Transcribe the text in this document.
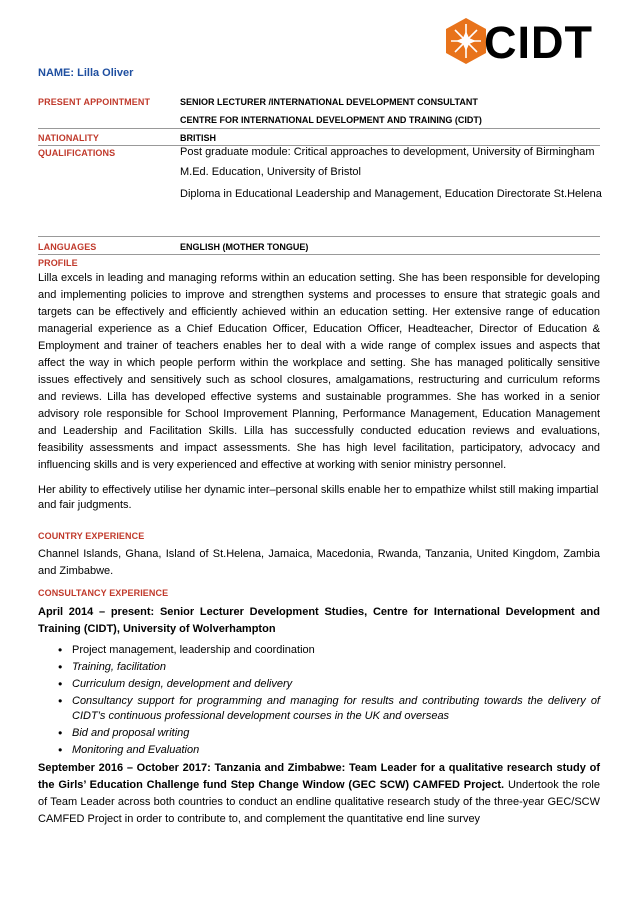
CIDT
NAME: Lilla Oliver
PRESENT APPOINTMENT	SENIOR LECTURER /INTERNATIONAL DEVELOPMENT CONSULTANT
CENTRE FOR INTERNATIONAL DEVELOPMENT AND TRAINING (CIDT)
NATIONALITY	BRITISH
QUALIFICATIONS	Post graduate module: Critical approaches to development, University of Birmingham
M.Ed. Education, University of Bristol
Diploma in Educational Leadership and Management, Education Directorate St.Helena
LANGUAGES	ENGLISH (MOTHER TONGUE)
PROFILE
Lilla excels in leading and managing reforms within an education setting. She has been responsible for developing and implementing policies to improve and strengthen systems and processes to ensure that strategic goals and targets can be effectively and efficiently achieved within an education setting. Her extensive range of education managerial experience as a Chief Education Officer, Education Officer, Headteacher, Director of Education & Employment and trainer of teachers enables her to deal with a wide range of complex issues and aspects that affect the way in which people perform within the workplace and setting. She has managed politically sensitive issues effectively and sensitively such as school closures, amalgamations, restructuring and curriculum reforms and reviews. Lilla has developed effective systems and sustainable programmes. She has worked in a senior advisory role responsible for School Improvement Planning, Performance Management, Education Management and Leadership and Facilitation Skills. Lilla has successfully conducted education reviews and evaluations, feasibility assessments and impact assessments. She has high level facilitation, participatory, advocacy and influencing skills and is very experienced and effective at working with senior ministry personnel.
Her ability to effectively utilise her dynamic inter–personal skills enable her to empathize whilst still making impartial and fair judgments.
COUNTRY EXPERIENCE
Channel Islands, Ghana, Island of St.Helena, Jamaica, Macedonia, Rwanda, Tanzania, United Kingdom, Zambia and Zimbabwe.
CONSULTANCY EXPERIENCE
April 2014 – present: Senior Lecturer Development Studies, Centre for International Development and Training (CIDT), University of Wolverhampton
• Project management, leadership and coordination
• Training, facilitation
• Curriculum design, development and delivery
• Consultancy support for programming and managing for results and contributing towards the delivery of CIDT’s continuous professional development courses in the UK and overseas
• Bid and proposal writing
• Monitoring and Evaluation
September 2016 – October 2017: Tanzania and Zimbabwe: Team Leader for a qualitative research study of the Girls’ Education Challenge fund Step Change Window (GEC SCW) CAMFED Project. Undertook the role of Team Leader across both countries to conduct an endline qualitative research study of the three-year GEC/SCW CAMFED Project in order to contribute to, and complement the quantitative end line survey
